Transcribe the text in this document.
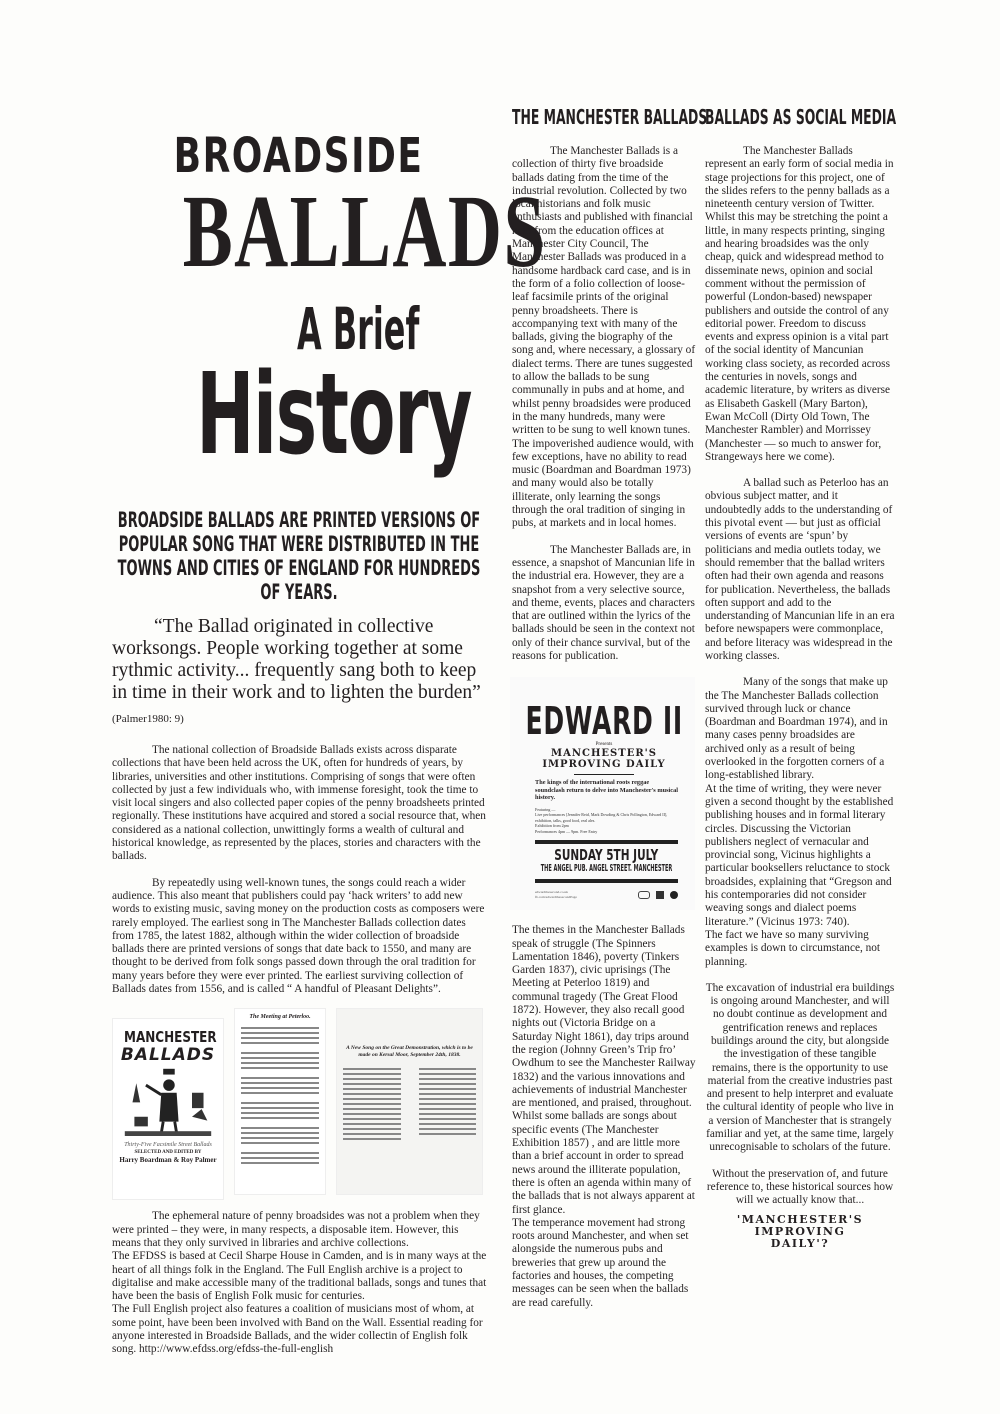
BROADSIDE
BALLADS
A Brief
History
BROADSIDE BALLADS ARE PRINTED VERSIONS OF POPULAR SONG THAT WERE DISTRIBUTED IN THE TOWNS AND CITIES OF ENGLAND FOR HUNDREDS OF YEARS.
“The Ballad originated in collective worksongs. People working together at some rythmic activity... frequently sang both to keep in time in their work and to lighten the burden” (Palmer1980: 9)

The national collection of Broadside Ballads exists across disparate collections that have been held across the UK, often for hundreds of years, by libraries, universities and other institutions. Comprising of songs that were often collected by just a few individuals who, with immense foresight, took the time to visit local singers and also collected paper copies of the penny broadsheets printed regionally. These institutions have acquired and stored a social resource that, when considered as a national collection, unwittingly forms a wealth of cultural and historical knowledge, as represented by the places, stories and characters with the ballads.

By repeatedly using well-known tunes, the songs could reach a wider audience. This also meant that publishers could pay ‘hack writers’ to add new words to existing music, saving money on the production costs as composers were rarely employed. The earliest song in The Manchester Ballads collection dates from 1785, the latest 1882, although within the wider collection of broadside ballads there are printed versions of songs that date back to 1550, and many are thought to be derived from folk songs passed down through the oral tradition for many years before they were ever printed. The earliest surviving collection of Ballads dates from 1556, and is called “ A handful of Pleasant Delights”.

MANCHESTER
BALLADS
Thirty-Five Facsimile Street Ballads
SELECTED AND EDITED BY
Harry Boardman & Roy Palmer
The Meeting at Peterloo.
A New Song on the Great Demonstration, which is to be made on Kersal Moor, September 24th, 1838.

The ephemeral nature of penny broadsides was not a problem when they were printed – they were, in many respects, a disposable item. However, this means that they only survived in libraries and archive collections.

The EFDSS is based at Cecil Sharpe House in Camden, and is in many ways at the heart of all things folk in the England. The Full English archive is a project to digitalise and make accessible many of the traditional ballads, songs and tunes that have been the basis of English Folk music for centuries.

The Full English project also features a coalition of musicians most of whom, at some point, have been been involved with Band on the Wall. Essential reading for anyone interested in Broadside Ballads, and the wider collectin of English folk song. http://www.efdss.org/efdss-the-full-english

THE MANCHESTER BALLADS

The Manchester Ballads is a collection of thirty five broadside ballads dating from the time of the industrial revolution. Collected by two local historians and folk music enthusiasts and published with financial help from the education offices at Manchester City Council, The Manchester Ballads was produced in a handsome hardback card case, and is in the form of a folio collection of loose-leaf facsimile prints of the original penny broadsheets. There is accompanying text with many of the ballads, giving the biography of the song and, where necessary, a glossary of dialect terms. There are tunes suggested to allow the ballads to be sung communally in pubs and at home, and whilst penny broadsides were produced in the many hundreds, many were written to be sung to well known tunes.

The impoverished audience would, with few exceptions, have no ability to read music (Boardman and Boardman 1973) and many would also be totally illiterate, only learning the songs through the oral tradition of singing in pubs, at markets and in local homes.

The Manchester Ballads are, in essence, a snapshot of Mancunian life in the industrial era. However, they are a snapshot from a very selective source, and theme, events, places and characters that are outlined within the lyrics of the ballads should be seen in the context not only of their chance survival, but of the reasons for publication.

EDWARD II
Presents
MANCHESTER'S
IMPROVING DAILY
The kings of the international roots reggae soundclash return to delve into Manchester's musical history.
Featuring —
Live performances [Jennifer Reid, Mark Dowding & Chris Pollington, Edward II], exhibition, talks, good food, real ales.
Exhibition from 2pm
Performances 4pm — 9pm. Free Entry
SUNDAY 5TH JULY
THE ANGEL PUB. ANGEL STREET. MANCHESTER
edwardthesecond.co.uk
fb.com/edwardthesecondPage

The themes in the Manchester Ballads speak of struggle (The Spinners Lamentation 1846), poverty (Tinkers Garden 1837), civic uprisings (The Meeting at Peterloo 1819) and communal tragedy (The Great Flood 1872). However, they also recall good nights out (Victoria Bridge on a Saturday Night 1861), day trips around the region (Johnny Green’s Trip fro’ Owdhum to see the Manchester Railway 1832) and the various innovations and achievements of industrial Manchester are mentioned, and praised, throughout. Whilst some ballads are songs about specific events (The Manchester Exhibition 1857) , and are little more than a brief account in order to spread news around the illiterate population, there is often an agenda within many of the ballads that is not always apparent at first glance.

The temperance movement had strong roots around Manchester, and when set alongside the numerous pubs and breweries that grew up around the factories and houses, the competing messages can be seen when the ballads are read carefully.

BALLADS AS SOCIAL MEDIA

The Manchester Ballads represent an early form of social media in stage projections for this project, one of the slides refers to the penny ballads as a nineteenth century version of Twitter. Whilst this may be stretching the point a little, in many respects printing, singing and hearing broadsides was the only cheap, quick and widespread method to disseminate news, opinion and social comment without the permission of powerful (London-based) newspaper publishers and outside the control of any editorial power. Freedom to discuss events and express opinion is a vital part of the social identity of Mancunian working class society, as recorded across the centuries in novels, songs and academic literature, by writers as diverse as Elisabeth Gaskell (Mary Barton), Ewan McColl (Dirty Old Town, The Manchester Rambler) and Morrissey (Manchester — so much to answer for, Strangeways here we come).

A ballad such as Peterloo has an obvious subject matter, and it undoubtedly adds to the understanding of this pivotal event — but just as official versions of events are ‘spun’ by politicians and media outlets today, we should remember that the ballad writers often had their own agenda and reasons for publication. Nevertheless, the ballads often support and add to the understanding of Mancunian life in an era before newspapers were commonplace, and before literacy was widespread in the working classes.

Many of the songs that make up the The Manchester Ballads collection survived through luck or chance (Boardman and Boardman 1974), and in many cases penny broadsides are archived only as a result of being overlooked in the forgotten corners of a long-established library.

At the time of writing, they were never given a second thought by the established publishing houses and in formal literary circles. Discussing the Victorian publishers neglect of vernacular and provincial song, Vicinus highlights a particular booksellers reluctance to stock broadsides, explaining that “Gregson and his contemporaries did not consider weaving songs and dialect poems literature.” (Vicinus 1973: 740).

The fact we have so many surviving examples is down to circumstance, not planning.

The excavation of industrial era buildings is ongoing around Manchester, and will no doubt continue as development and gentrification renews and replaces buildings around the city, but alongside the investigation of these tangible remains, there is the opportunity to use material from the creative industries past and present to help interpret and evaluate the cultural identity of people who live in a version of Manchester that is strangely familiar and yet, at the same time, largely unrecognisable to scholars of the future.

Without the preservation of, and future reference to, these historical sources how will we actually know that...

'MANCHESTER'S IMPROVING DAILY'?
